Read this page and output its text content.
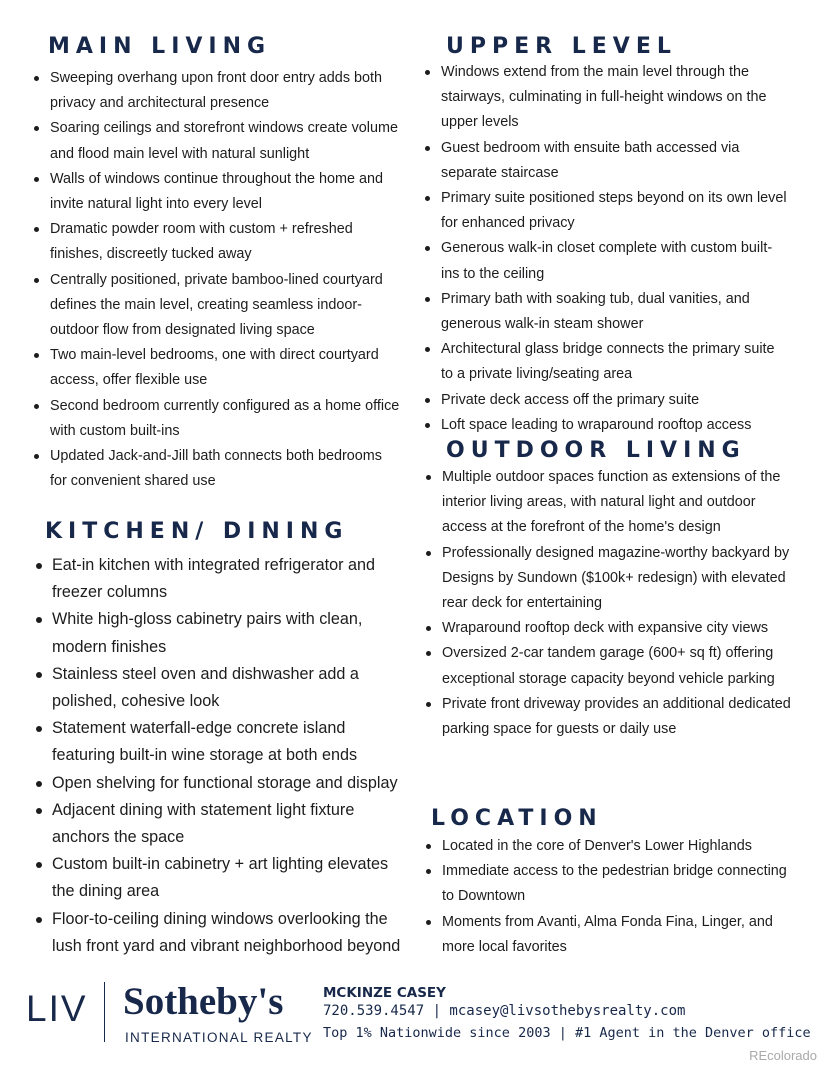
MAIN LIVING
Sweeping overhang upon front door entry adds both privacy and architectural presence
Soaring ceilings and storefront windows create volume and flood main level with natural sunlight
Walls of windows continue throughout the home and invite natural light into every level
Dramatic powder room with custom + refreshed finishes, discreetly tucked away
Centrally positioned, private bamboo-lined courtyard defines the main level, creating seamless indoor-outdoor flow from designated living space
Two main-level bedrooms, one with direct courtyard access, offer flexible use
Second bedroom currently configured as a home office with custom built-ins
Updated Jack-and-Jill bath connects both bedrooms for convenient shared use
KITCHEN/ DINING
Eat-in kitchen with integrated refrigerator and freezer columns
White high-gloss cabinetry pairs with clean, modern finishes
Stainless steel oven and dishwasher add a polished, cohesive look
Statement waterfall-edge concrete island featuring built-in wine storage at both ends
Open shelving for functional storage and display
Adjacent dining with statement light fixture anchors the space
Custom built-in cabinetry + art lighting elevates the dining area
Floor-to-ceiling dining windows overlooking the lush front yard and vibrant neighborhood beyond
UPPER LEVEL
Windows extend from the main level through the stairways, culminating in full-height windows on the upper levels
Guest bedroom with ensuite bath accessed via separate staircase
Primary suite positioned steps beyond on its own level for enhanced privacy
Generous walk-in closet complete with custom built-ins to the ceiling
Primary bath with soaking tub, dual vanities, and generous walk-in steam shower
Architectural glass bridge connects the primary suite to a private living/seating area
Private deck access off the primary suite
Loft space leading to wraparound rooftop access
OUTDOOR LIVING
Multiple outdoor spaces function as extensions of the interior living areas, with natural light and outdoor access at the forefront of the home's design
Professionally designed magazine-worthy backyard by Designs by Sundown ($100k+ redesign) with elevated rear deck for entertaining
Wraparound rooftop deck with expansive city views
Oversized 2-car tandem garage (600+ sq ft) offering exceptional storage capacity beyond vehicle parking
Private front driveway provides an additional dedicated parking space for guests or daily use
LOCATION
Located in the core of Denver's Lower Highlands
Immediate access to the pedestrian bridge connecting to Downtown
Moments from Avanti, Alma Fonda Fina, Linger, and more local favorites
LIV Sotheby's
INTERNATIONAL REALTY
MCKINZE CASEY
720.539.4547 | mcasey@livsothebysrealty.com
Top 1% Nationwide since 2003 | #1 Agent in the Denver office
REcolorado
